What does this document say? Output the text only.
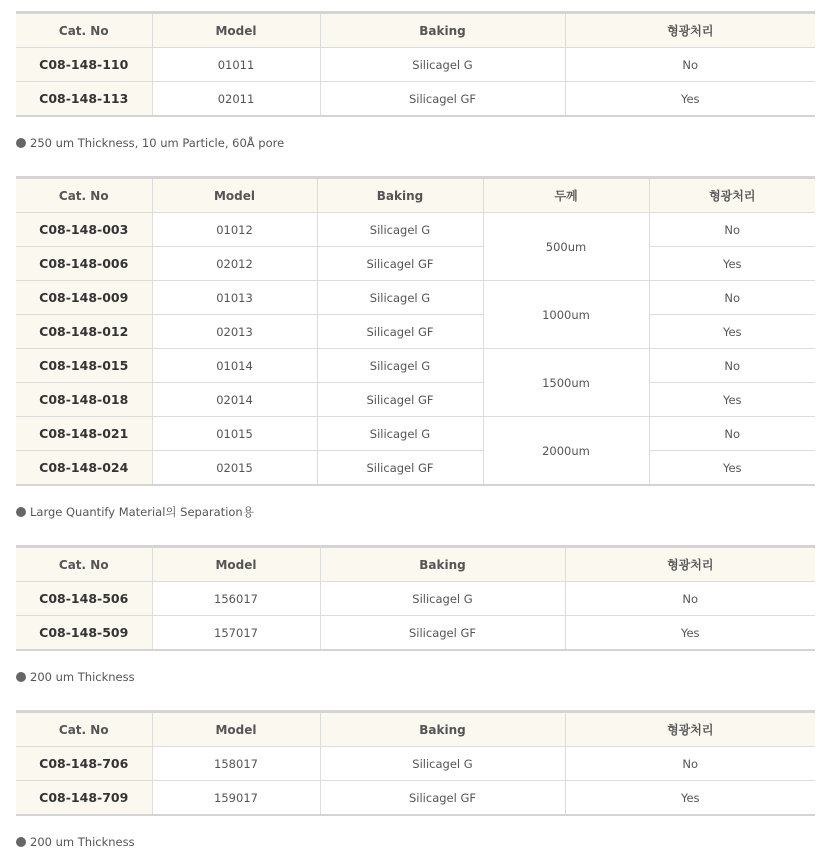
Cat. No	Model	Baking	형광처리
C08-148-110	01011	Silicagel G	No
C08-148-113	02011	Silicagel GF	Yes
250 um Thickness, 10 um Particle, 60Å pore
Cat. No	Model	Baking	두께	형광처리
C08-148-003	01012	Silicagel G	500um	No
C08-148-006	02012	Silicagel GF		Yes
C08-148-009	01013	Silicagel G	1000um	No
C08-148-012	02013	Silicagel GF		Yes
C08-148-015	01014	Silicagel G	1500um	No
C08-148-018	02014	Silicagel GF		Yes
C08-148-021	01015	Silicagel G	2000um	No
C08-148-024	02015	Silicagel GF		Yes
Large Quantify Material의 Separation용
Cat. No	Model	Baking	형광처리
C08-148-506	156017	Silicagel G	No
C08-148-509	157017	Silicagel GF	Yes
200 um Thickness
Cat. No	Model	Baking	형광처리
C08-148-706	158017	Silicagel G	No
C08-148-709	159017	Silicagel GF	Yes
200 um Thickness
